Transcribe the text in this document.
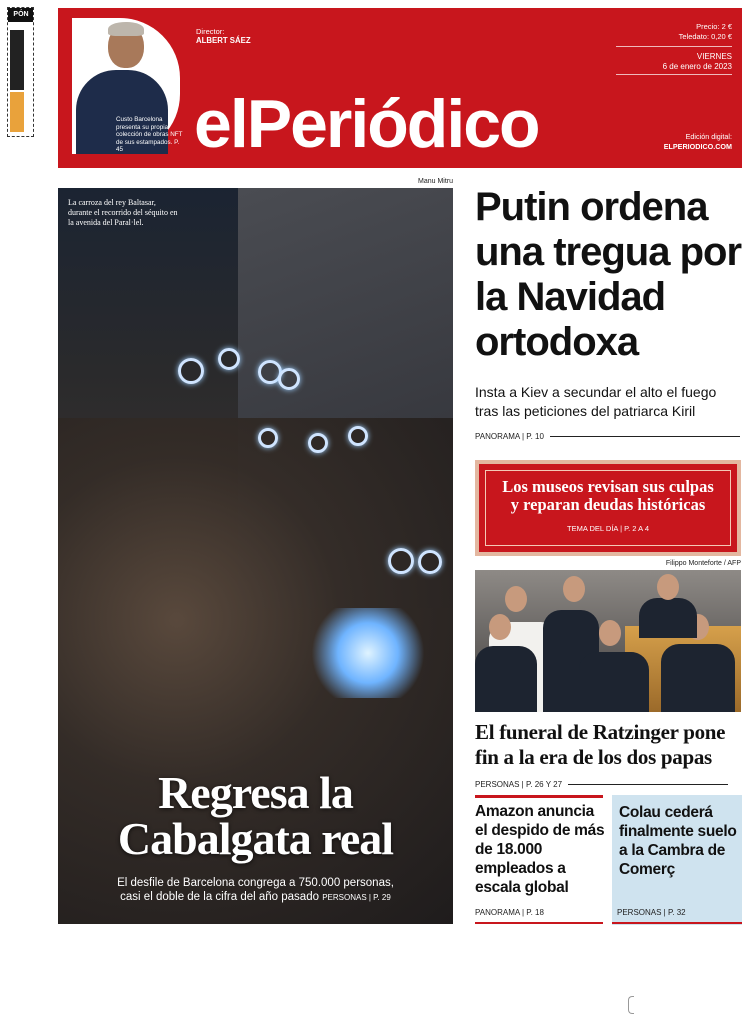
PÓN
Custo Barcelona presenta su propia colección de obras NFT de sus estampados. P. 45
Director:
ALBERT SÁEZ
elPeriódico
Precio: 2 €
Teledato: 0,20 €
VIERNES
6 de enero de 2023
Edición digital:
ELPERIODICO.COM
Manu Mitru
La carroza del rey Baltasar, durante el recorrido del séquito en la avenida del Paral·lel.
Regresa la
Cabalgata real
El desfile de Barcelona congrega a 750.000 personas,
casi el doble de la cifra del año pasado PERSONAS | P. 29
Putin ordena una tregua por la Navidad ortodoxa

Insta a Kiev a secundar el alto el fuego tras las peticiones del patriarca Kiril

PANORAMA | P. 10
Los museos revisan sus culpas
y reparan deudas históricas
TEMA DEL DÍA | P. 2 A 4
Filippo Monteforte / AFP
El funeral de Ratzinger pone fin a la era de los dos papas
PERSONAS | P. 26 Y 27
Amazon anuncia el despido de más de 18.000 empleados a escala global
PANORAMA | P. 18
Colau cederá finalmente suelo a la Cambra de Comerç
PERSONAS | P. 32
